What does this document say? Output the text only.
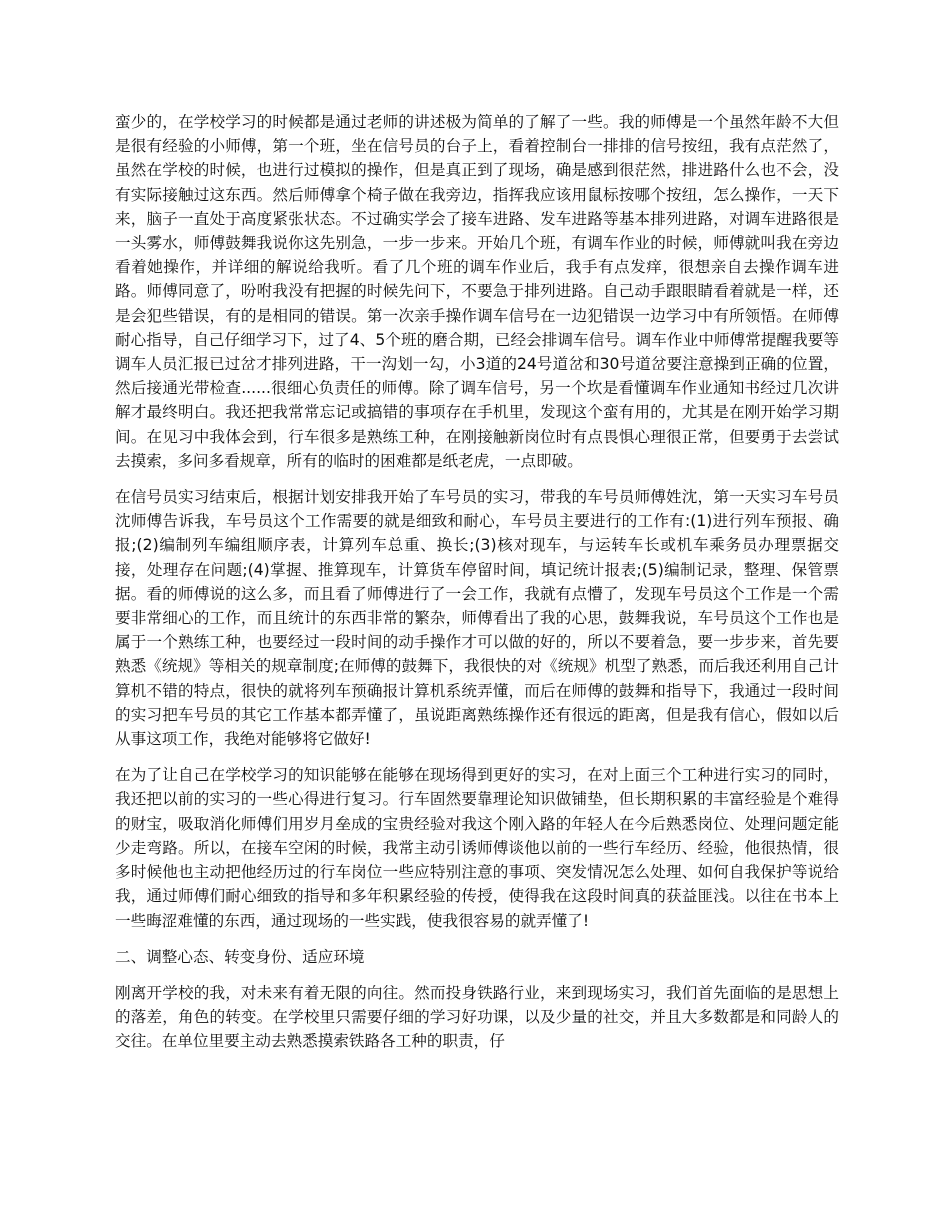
蛮少的，在学校学习的时候都是通过老师的讲述极为简单的了解了一些。我的师傅是一个虽然年龄不大但是很有经验的小师傅，第一个班，坐在信号员的台子上，看着控制台一排排的信号按纽，我有点茫然了，虽然在学校的时候，也进行过模拟的操作，但是真正到了现场，确是感到很茫然，排进路什么也不会，没有实际接触过这东西。然后师傅拿个椅子做在我旁边，指挥我应该用鼠标按哪个按纽，怎么操作，一天下来，脑子一直处于高度紧张状态。不过确实学会了接车进路、发车进路等基本排列进路，对调车进路很是一头雾水，师傅鼓舞我说你这先别急，一步一步来。开始几个班，有调车作业的时候，师傅就叫我在旁边看着她操作，并详细的解说给我听。看了几个班的调车作业后，我手有点发痒，很想亲自去操作调车进路。师傅同意了，吩咐我没有把握的时候先问下，不要急于排列进路。自己动手跟眼睛看着就是一样，还是会犯些错误，有的是相同的错误。第一次亲手操作调车信号在一边犯错误一边学习中有所领悟。在师傅耐心指导，自己仔细学习下，过了4、5个班的磨合期，已经会排调车信号。调车作业中师傅常提醒我要等调车人员汇报已过岔才排列进路，干一沟划一勾，小3道的24号道岔和30号道岔要注意操到正确的位置，然后接通光带检查......很细心负责任的师傅。除了调车信号，另一个坎是看懂调车作业通知书经过几次讲解才最终明白。我还把我常常忘记或搞错的事项存在手机里，发现这个蛮有用的，尤其是在刚开始学习期间。在见习中我体会到，行车很多是熟练工种，在刚接触新岗位时有点畏惧心理很正常，但要勇于去尝试去摸索，多问多看规章，所有的临时的困难都是纸老虎，一点即破。

在信号员实习结束后，根据计划安排我开始了车号员的实习，带我的车号员师傅姓沈，第一天实习车号员沈师傅告诉我，车号员这个工作需要的就是细致和耐心，车号员主要进行的工作有:(1)进行列车预报、确报;(2)编制列车编组顺序表，计算列车总重、换长;(3)核对现车，与运转车长或机车乘务员办理票据交接，处理存在问题;(4)掌握、推算现车，计算货车停留时间，填记统计报表;(5)编制记录，整理、保管票据。看的师傅说的这么多，而且看了师傅进行了一会工作，我就有点懵了，发现车号员这个工作是一个需要非常细心的工作，而且统计的东西非常的繁杂，师傅看出了我的心思，鼓舞我说，车号员这个工作也是属于一个熟练工种，也要经过一段时间的动手操作才可以做的好的，所以不要着急，要一步步来，首先要熟悉《统规》等相关的规章制度;在师傅的鼓舞下，我很快的对《统规》机型了熟悉，而后我还利用自己计算机不错的特点，很快的就将列车预确报计算机系统弄懂，而后在师傅的鼓舞和指导下，我通过一段时间的实习把车号员的其它工作基本都弄懂了，虽说距离熟练操作还有很远的距离，但是我有信心，假如以后从事这项工作，我绝对能够将它做好!

在为了让自己在学校学习的知识能够在能够在现场得到更好的实习，在对上面三个工种进行实习的同时，我还把以前的实习的一些心得进行复习。行车固然要靠理论知识做铺垫，但长期积累的丰富经验是个难得的财宝，吸取消化师傅们用岁月垒成的宝贵经验对我这个刚入路的年轻人在今后熟悉岗位、处理问题定能少走弯路。所以，在接车空闲的时候，我常主动引诱师傅谈他以前的一些行车经历、经验，他很热情，很多时候他也主动把他经历过的行车岗位一些应特别注意的事项、突发情况怎么处理、如何自我保护等说给我，通过师傅们耐心细致的指导和多年积累经验的传授，使得我在这段时间真的获益匪浅。以往在书本上一些晦涩难懂的东西，通过现场的一些实践，使我很容易的就弄懂了!

二、调整心态、转变身份、适应环境

刚离开学校的我，对未来有着无限的向往。然而投身铁路行业，来到现场实习，我们首先面临的是思想上的落差，角色的转变。在学校里只需要仔细的学习好功课，以及少量的社交，并且大多数都是和同龄人的交往。在单位里要主动去熟悉摸索铁路各工种的职责，仔
